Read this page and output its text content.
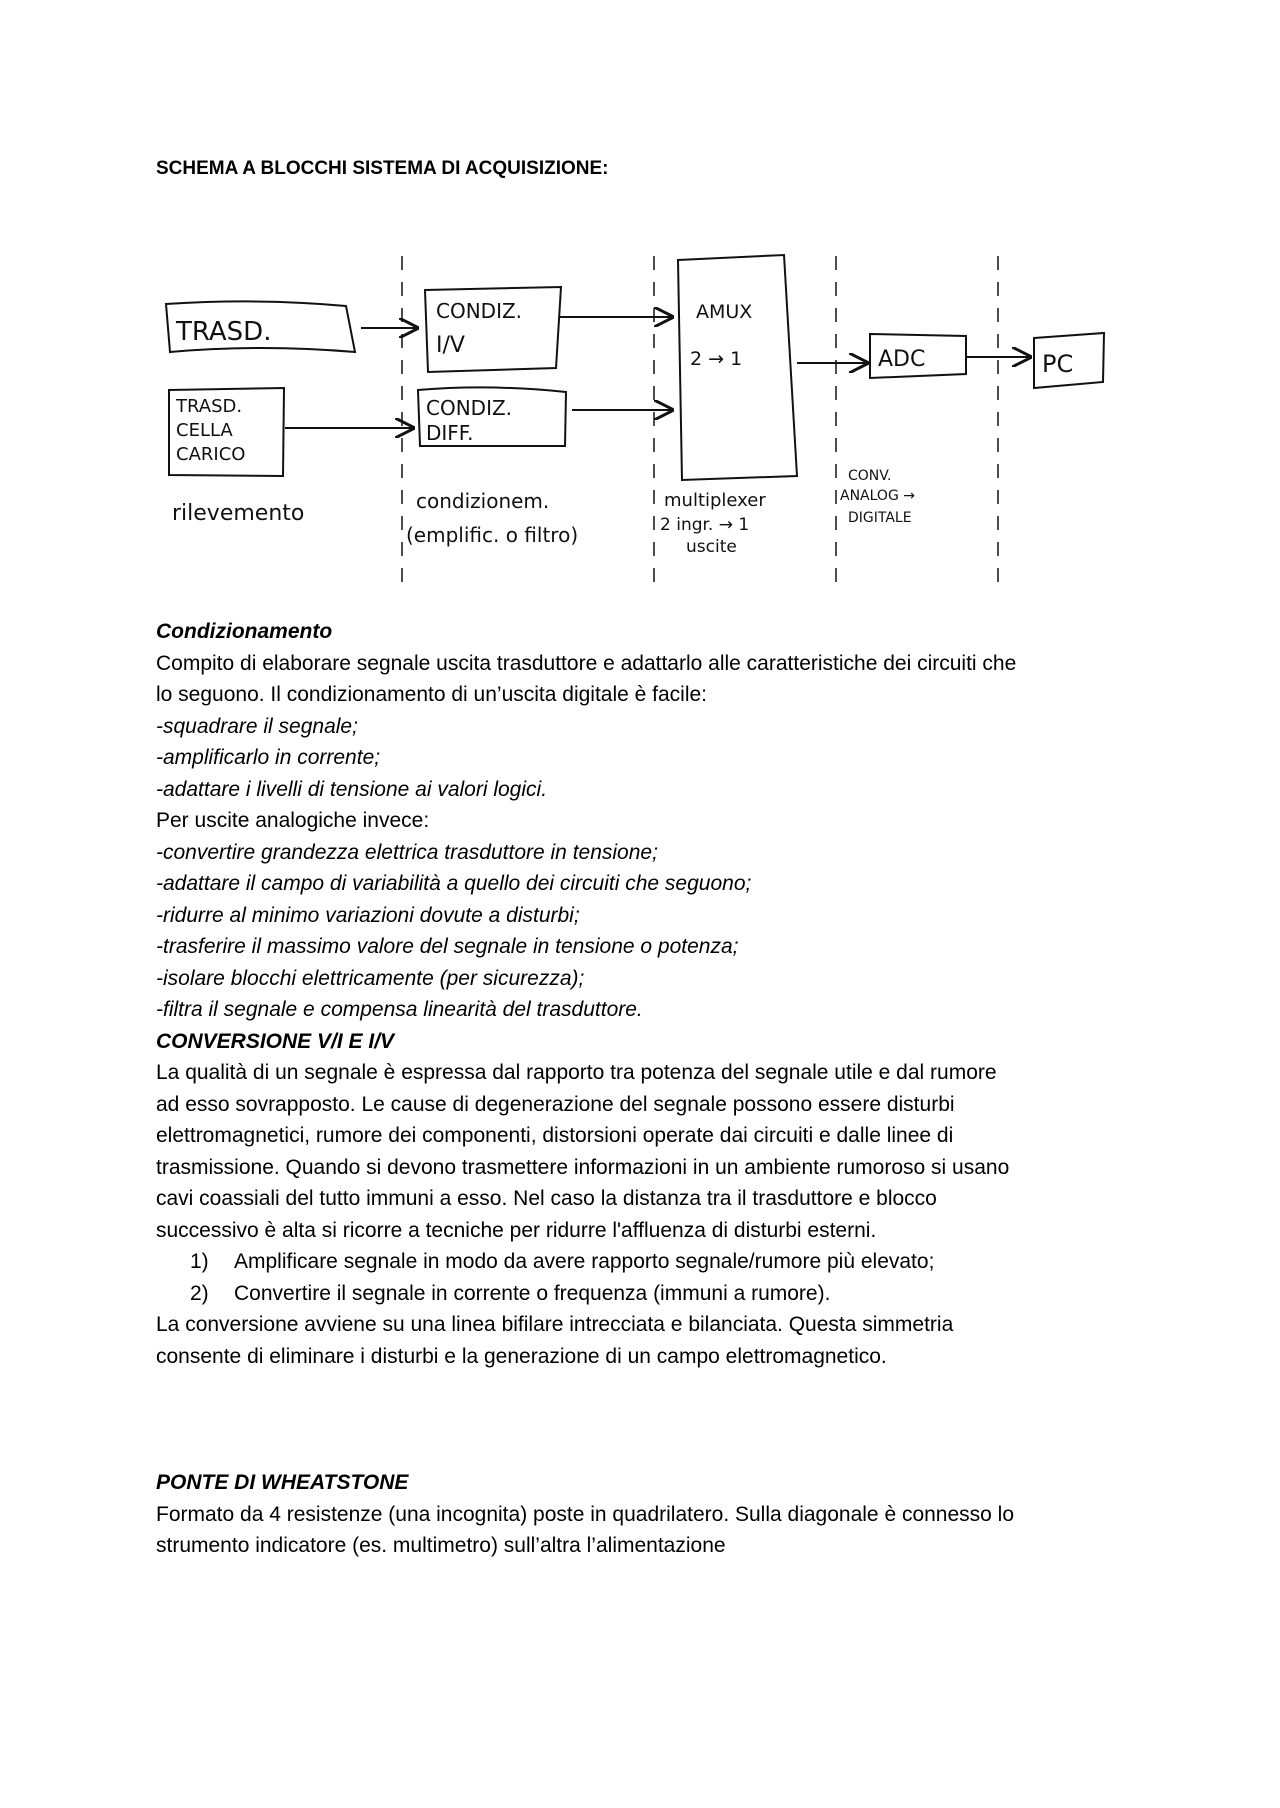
SCHEMA A BLOCCHI SISTEMA DI ACQUISIZIONE:
TRASD.
CONDIZ.
I/V
TRASD.
CELLA
CARICO
CONDIZ.
DIFF.
AMUX
2 → 1	ADC	PC
rilevemento	condizionem.
(emplific. o filtro)
multiplexer
2 ingr. → 1
uscite
CONV.
ANALOG →
DIGITALE
Condizionamento
Compito di elaborare segnale uscita trasduttore e adattarlo alle caratteristiche dei circuiti che
lo seguono. Il condizionamento di un’uscita digitale è facile:
-squadrare il segnale;
-amplificarlo in corrente;
-adattare i livelli di tensione ai valori logici.
Per uscite analogiche invece:
-convertire grandezza elettrica trasduttore in tensione;
-adattare il campo di variabilità a quello dei circuiti che seguono;
-ridurre al minimo variazioni dovute a disturbi;
-trasferire il massimo valore del segnale in tensione o potenza;
-isolare blocchi elettricamente (per sicurezza);
-filtra il segnale e compensa linearità del trasduttore.
CONVERSIONE V/I E I/V
La qualità di un segnale è espressa dal rapporto tra potenza del segnale utile e dal rumore
ad esso sovrapposto. Le cause di degenerazione del segnale possono essere disturbi
elettromagnetici, rumore dei componenti, distorsioni operate dai circuiti e dalle linee di
trasmissione. Quando si devono trasmettere informazioni in un ambiente rumoroso si usano
cavi coassiali del tutto immuni a esso. Nel caso la distanza tra il trasduttore e blocco
successivo è alta si ricorre a tecniche per ridurre l'affluenza di disturbi esterni.
1) Amplificare segnale in modo da avere rapporto segnale/rumore più elevato;
2) Convertire il segnale in corrente o frequenza (immuni a rumore).
La conversione avviene su una linea bifilare intrecciata e bilanciata. Questa simmetria
consente di eliminare i disturbi e la generazione di un campo elettromagnetico.
PONTE DI WHEATSTONE
Formato da 4 resistenze (una incognita) poste in quadrilatero. Sulla diagonale è connesso lo
strumento indicatore (es. multimetro) sull’altra l’alimentazione
